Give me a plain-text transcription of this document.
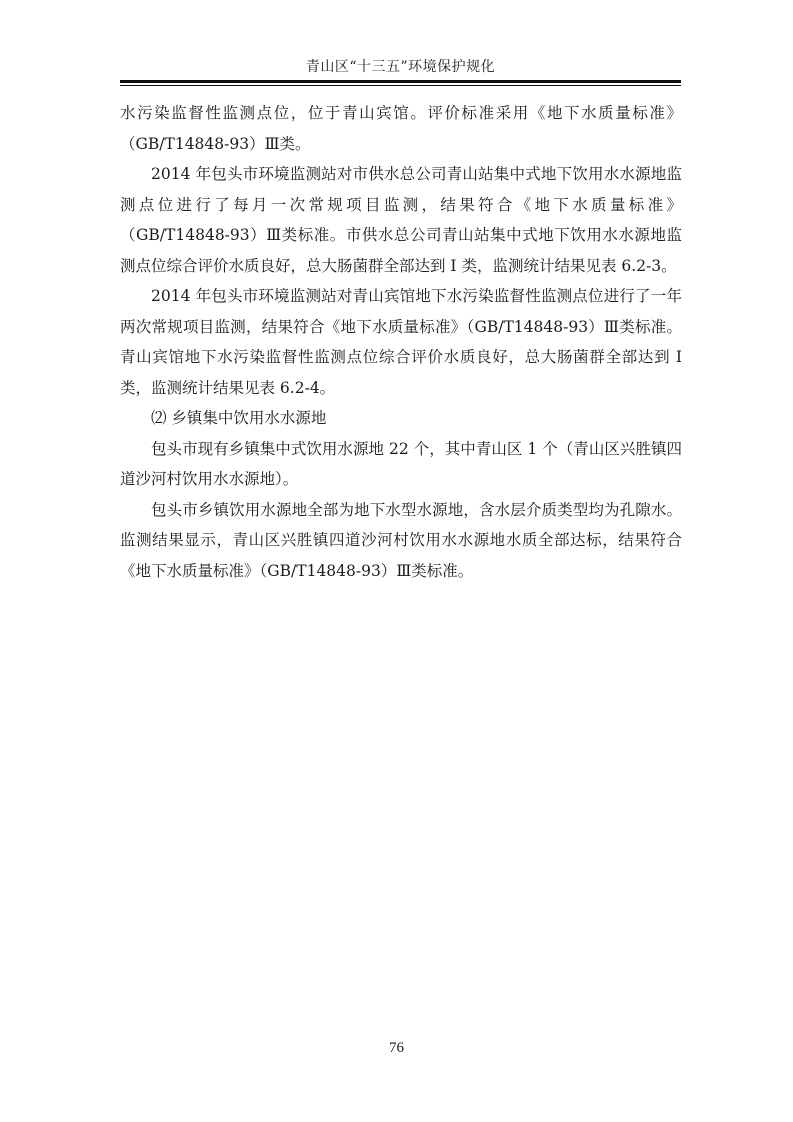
青山区“十三五”环境保护规化

水污染监督性监测点位，位于青山宾馆。评价标准采用《地下水质量标准》（GB/T14848-93）Ⅲ类。

2014 年包头市环境监测站对市供水总公司青山站集中式地下饮用水水源地监测点位进行了每月一次常规项目监测，结果符合《地下水质量标准》（GB/T14848-93）Ⅲ类标准。市供水总公司青山站集中式地下饮用水水源地监测点位综合评价水质良好，总大肠菌群全部达到 I 类，监测统计结果见表 6.2-3。

2014 年包头市环境监测站对青山宾馆地下水污染监督性监测点位进行了一年两次常规项目监测，结果符合《地下水质量标准》（GB/T14848-93）Ⅲ类标准。青山宾馆地下水污染监督性监测点位综合评价水质良好，总大肠菌群全部达到 I 类，监测统计结果见表 6.2-4。

⑵ 乡镇集中饮用水水源地

包头市现有乡镇集中式饮用水源地 22 个，其中青山区 1 个（青山区兴胜镇四道沙河村饮用水水源地）。

包头市乡镇饮用水源地全部为地下水型水源地，含水层介质类型均为孔隙水。监测结果显示，青山区兴胜镇四道沙河村饮用水水源地水质全部达标，结果符合《地下水质量标准》（GB/T14848-93）Ⅲ类标准。

76
